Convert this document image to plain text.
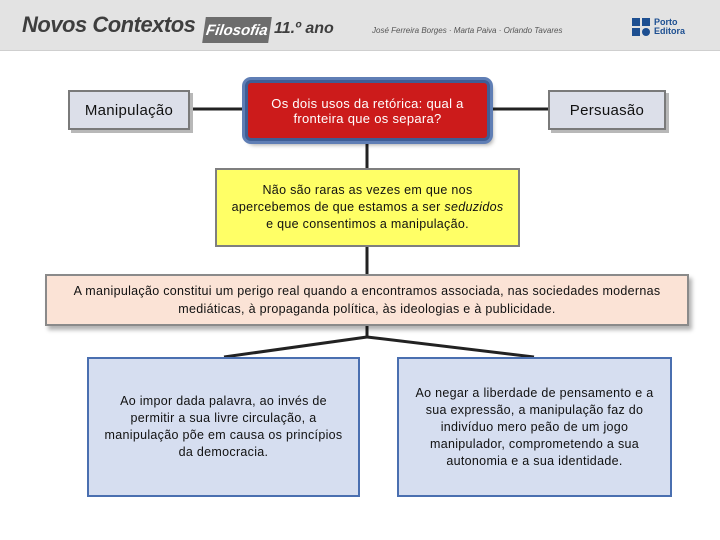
Novos Contextos Filosofia 11.º ano	José Ferreira Borges · Marta Paiva · Orlando Tavares
Porto
Editora
Manipulação	Os dois usos da retórica: qual a fronteira que os separa?	Persuasão
Não são raras as vezes em que nos apercebemos de que estamos a ser seduzidos e que consentimos a manipulação.
A manipulação constitui um perigo real quando a encontramos associada, nas sociedades modernas mediáticas, à propaganda política, às ideologias e à publicidade.
Ao impor dada palavra, ao invés de permitir a sua livre circulação, a manipulação põe em causa os princípios da democracia.
Ao negar a liberdade de pensamento e a sua expressão, a manipulação faz do indivíduo mero peão de um jogo manipulador, comprometendo a sua autonomia e a sua identidade.
